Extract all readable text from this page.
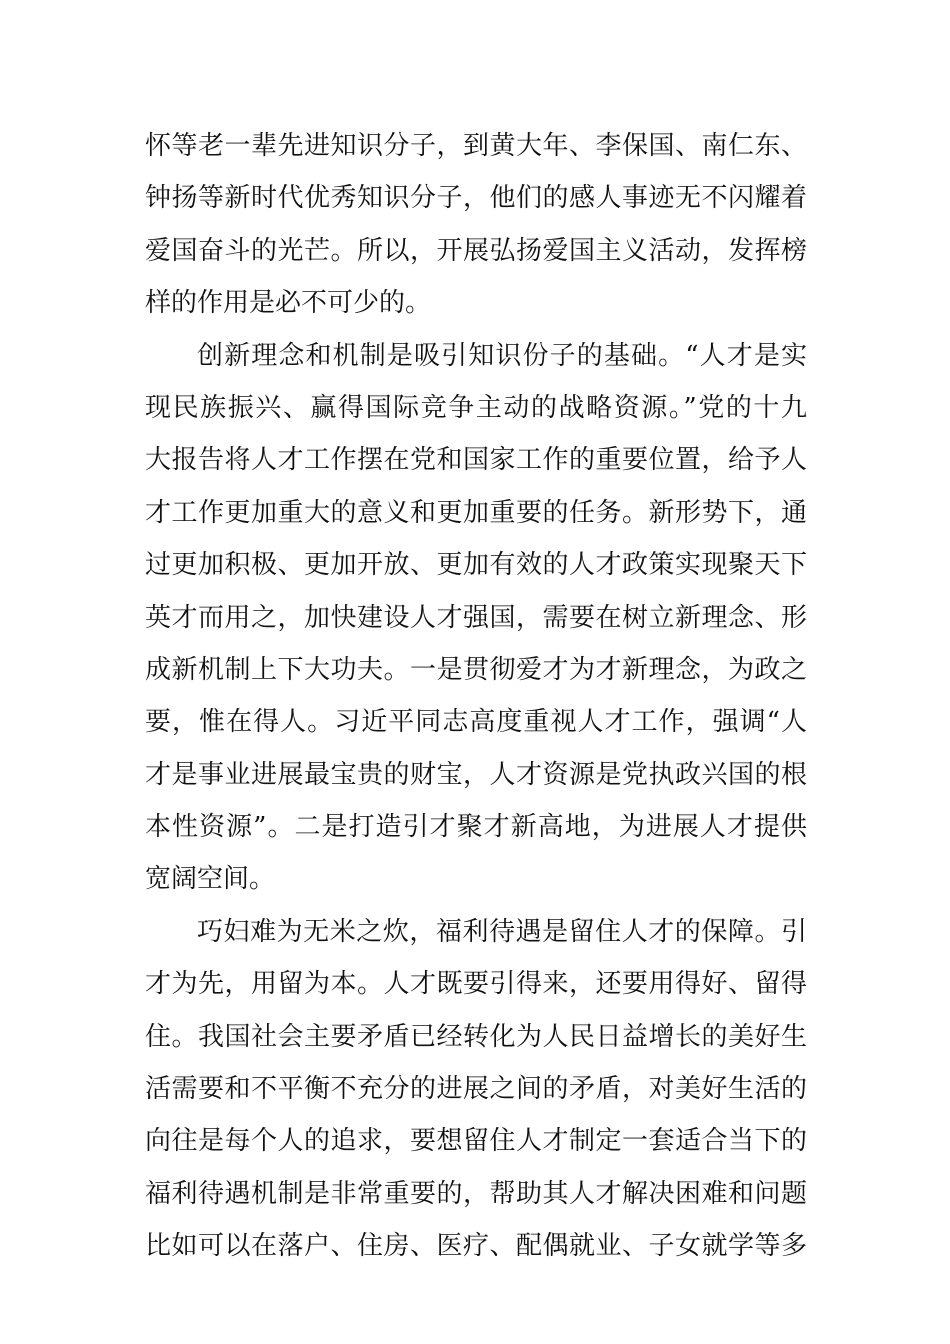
怀等老一辈先进知识分子，到黄大年、李保国、南仁东、
钟扬等新时代优秀知识分子，他们的感人事迹无不闪耀着
爱国奋斗的光芒。所以，开展弘扬爱国主义活动，发挥榜
样的作用是必不可少的。
创新理念和机制是吸引知识份子的基础。“人才是实
现民族振兴、赢得国际竞争主动的战略资源。”党的十九
大报告将人才工作摆在党和国家工作的重要位置，给予人
才工作更加重大的意义和更加重要的任务。新形势下，通
过更加积极、更加开放、更加有效的人才政策实现聚天下
英才而用之，加快建设人才强国，需要在树立新理念、形
成新机制上下大功夫。一是贯彻爱才为才新理念，为政之
要，惟在得人。习近平同志高度重视人才工作，强调“人
才是事业进展最宝贵的财宝，人才资源是党执政兴国的根
本性资源”。二是打造引才聚才新高地，为进展人才提供
宽阔空间。
巧妇难为无米之炊，福利待遇是留住人才的保障。引
才为先，用留为本。人才既要引得来，还要用得好、留得
住。我国社会主要矛盾已经转化为人民日益增长的美好生
活需要和不平衡不充分的进展之间的矛盾，对美好生活的
向往是每个人的追求，要想留住人才制定一套适合当下的
福利待遇机制是非常重要的，帮助其人才解决困难和问题
比如可以在落户、住房、医疗、配偶就业、子女就学等多
